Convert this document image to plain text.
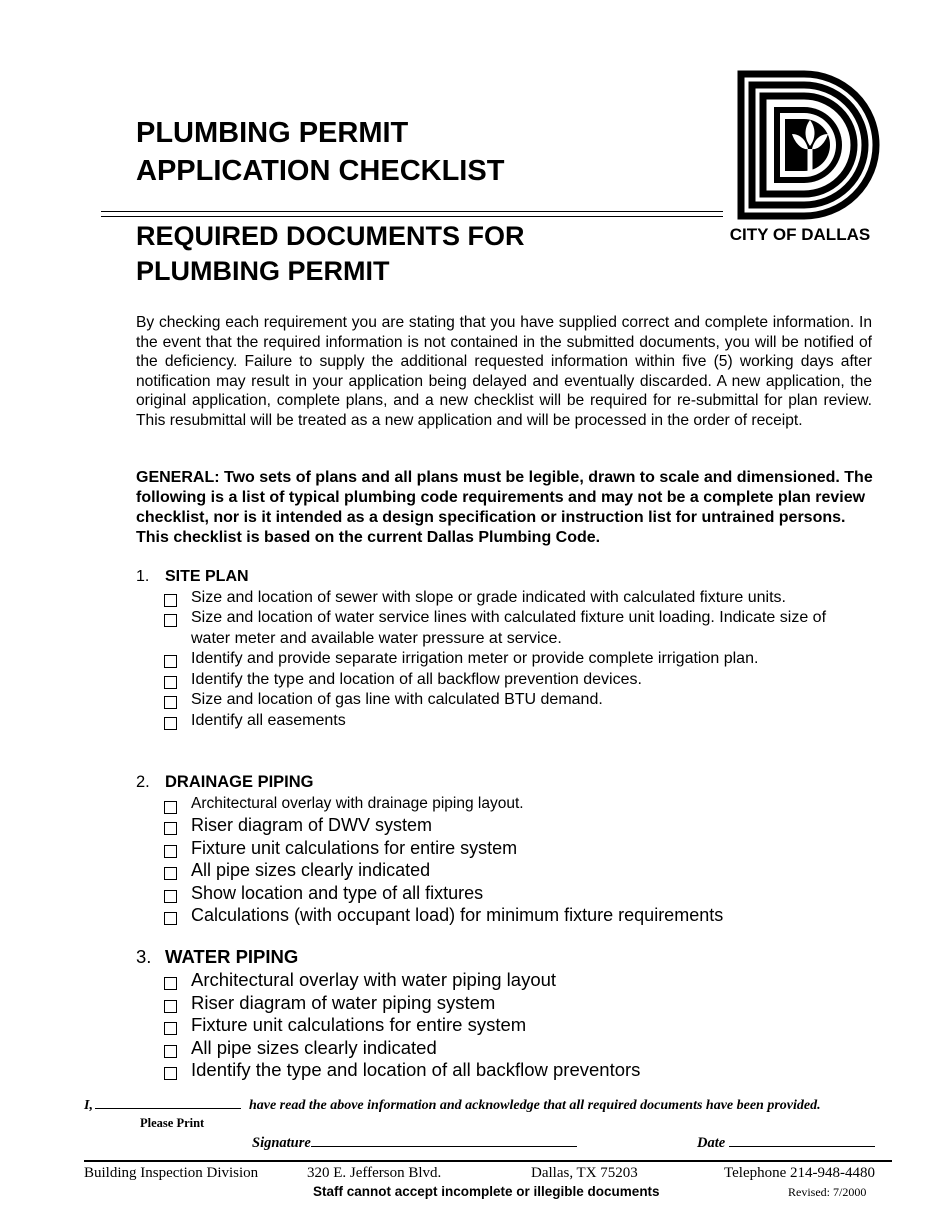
PLUMBING PERMIT
APPLICATION CHECKLIST
REQUIRED DOCUMENTS FOR
PLUMBING PERMIT
CITY OF DALLAS

By checking each requirement you are stating that you have supplied correct and complete information. In the event that the required information is not contained in the submitted documents, you will be notified of the deficiency. Failure to supply the additional requested information within five (5) working days after notification may result in your application being delayed and eventually discarded. A new application, the original application, complete plans, and a new checklist will be required for re-submittal for plan review. This resubmittal will be treated as a new application and will be processed in the order of receipt.

GENERAL: Two sets of plans and all plans must be legible, drawn to scale and dimensioned. The following is a list of typical plumbing code requirements and may not be a complete plan review checklist, nor is it intended as a design specification or instruction list for untrained persons. This checklist is based on the current Dallas Plumbing Code.

1. SITE PLAN
Size and location of sewer with slope or grade indicated with calculated fixture units.
Size and location of water service lines with calculated fixture unit loading. Indicate size of water meter and available water pressure at service.
Identify and provide separate irrigation meter or provide complete irrigation plan.
Identify the type and location of all backflow prevention devices.
Size and location of gas line with calculated BTU demand.
Identify all easements
2. DRAINAGE PIPING
Architectural overlay with drainage piping layout.
Riser diagram of DWV system
Fixture unit calculations for entire system
All pipe sizes clearly indicated
Show location and type of all fixtures
Calculations (with occupant load) for minimum fixture requirements
3. WATER PIPING
Architectural overlay with water piping layout
Riser diagram of water piping system
Fixture unit calculations for entire system
All pipe sizes clearly indicated
Identify the type and location of all backflow preventors
I,	have read the above information and acknowledge that all required documents have been provided.
Please Print
Signature	Date
Building Inspection Division	320 E. Jefferson Blvd.	Dallas, TX 75203	Telephone 214-948-4480
Staff cannot accept incomplete or illegible documents	Revised: 7/2000
